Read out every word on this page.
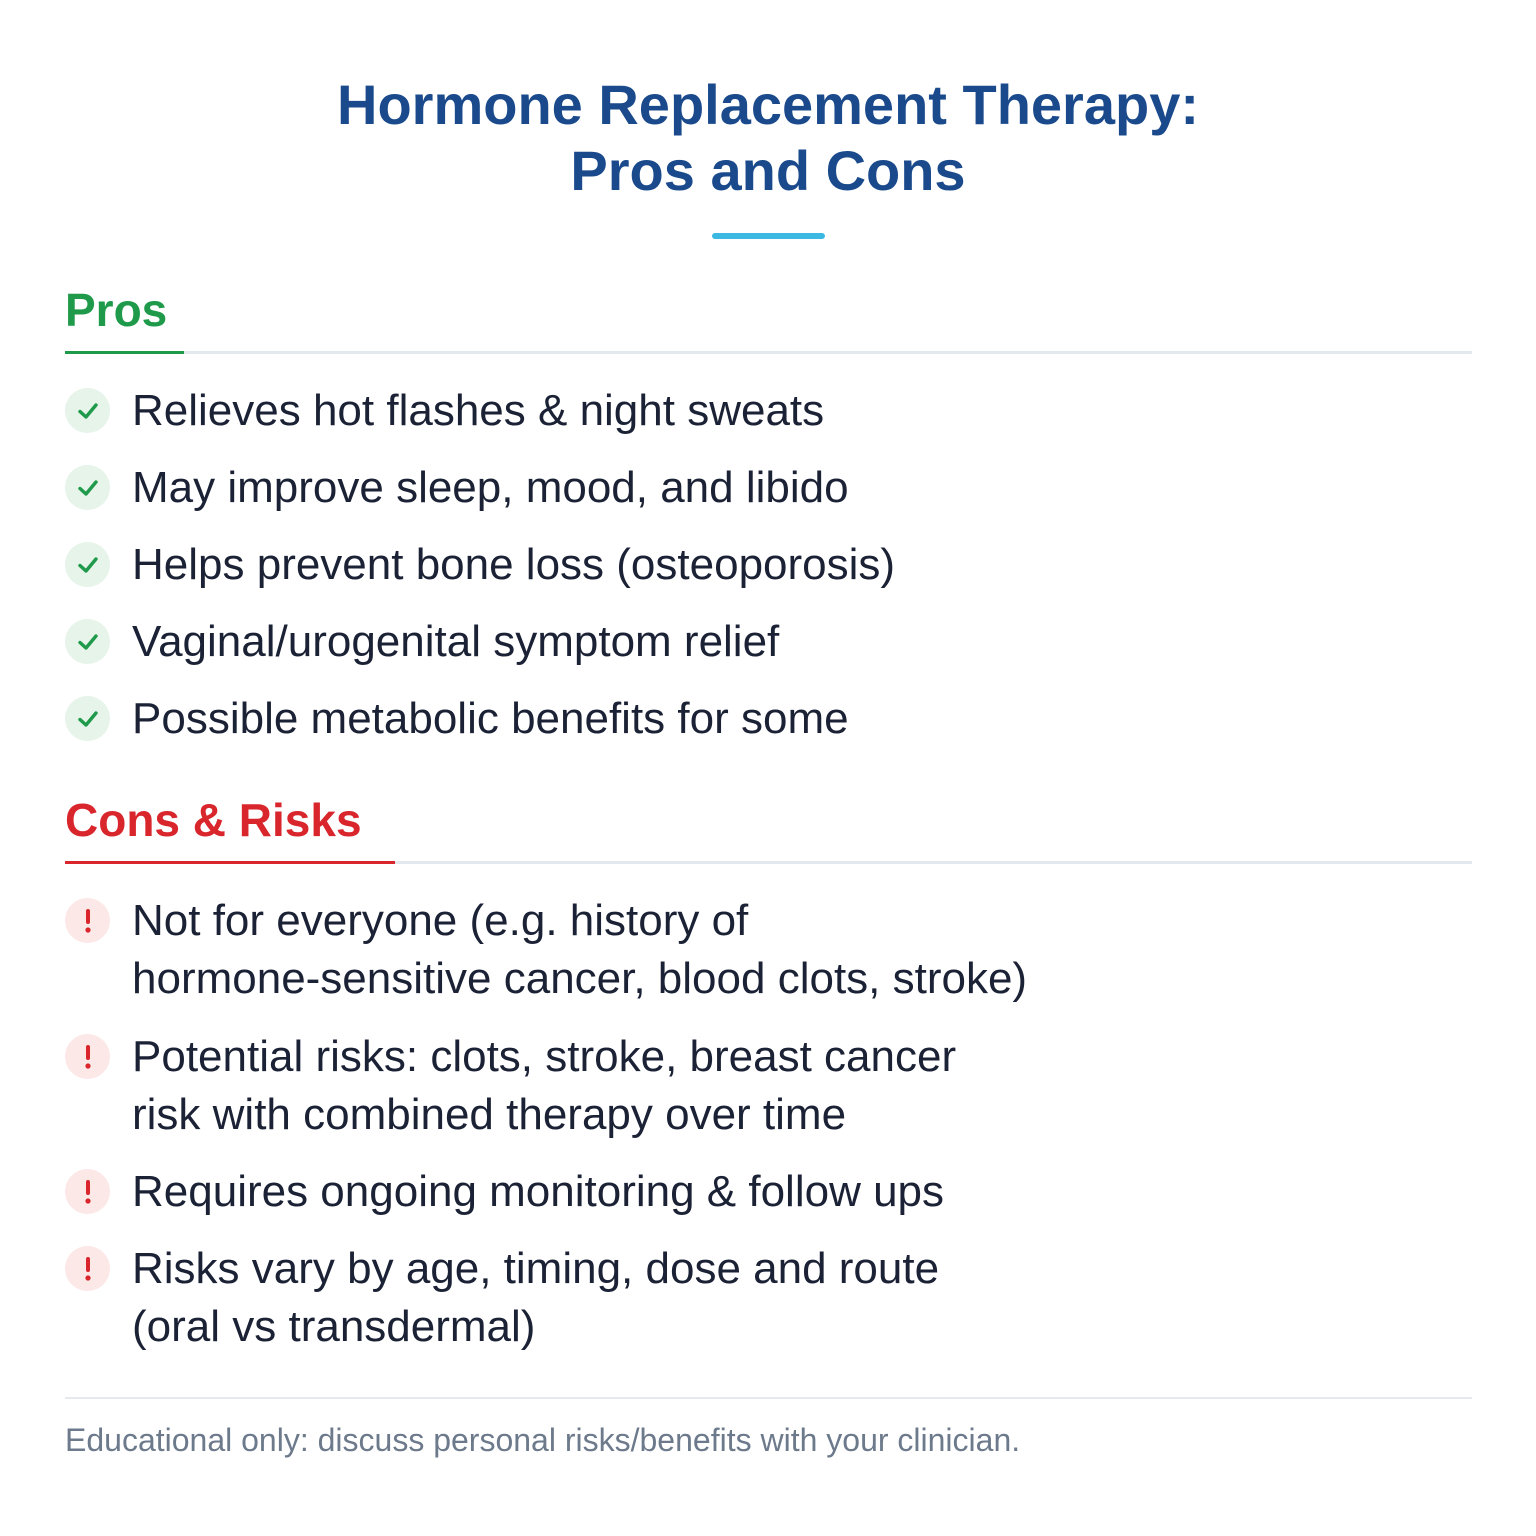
Hormone Replacement Therapy:
Pros and Cons
Pros
Relieves hot flashes & night sweats
May improve sleep, mood, and libido
Helps prevent bone loss (osteoporosis)
Vaginal/urogenital symptom relief
Possible metabolic benefits for some
Cons & Risks
Not for everyone (e.g. history of
hormone-sensitive cancer, blood clots, stroke)
Potential risks: clots, stroke, breast cancer
risk with combined therapy over time
Requires ongoing monitoring & follow ups
Risks vary by age, timing, dose and route
(oral vs transdermal)
Educational only: discuss personal risks/benefits with your clinician.
